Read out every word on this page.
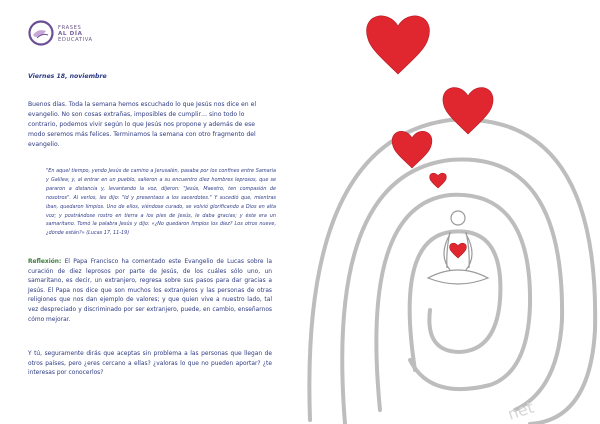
FRASES
AL DÍA
EDUCATIVA
Viernes 18, noviembre
Buenos días. Toda la semana hemos escuchado lo que Jesús nos dice en el evangelio. No son cosas extrañas, imposibles de cumplir… sino todo lo contrario, podemos vivir según lo que Jesús nos propone y además de ese modo seremos más felices. Terminamos la semana con otro fragmento del evangelio.
"En aquel tiempo, yendo Jesús de camino a Jerusalén, pasaba por los confines entre Samaria y Galilea; y, al entrar en un pueblo, salieron a su encuentro diez hombres leprosos, que se pararon a distancia y, levantando la voz, dijeron: "Jesús, Maestro, ten compasión de nosotros". Al verlos, les dijo: "Id y presentaos a los sacerdotes." Y sucedió que, mientras iban, quedaron limpios. Uno de ellos, viéndose curado, se volvió glorificando a Dios en alta voz; y postrándose rostro en tierra a los pies de Jesús, le daba gracias; y éste era un samaritano. Tomó la palabra Jesús y dijo: «¿No quedaron limpios los diez? Los otros nueve, ¿dónde están?» (Lucas 17, 11-19)
Reflexión: El Papa Francisco ha comentado este Evangelio de Lucas sobre la curación de diez leprosos por parte de Jesús, de los cuáles sólo uno, un samaritano, es decir, un extranjero, regresa sobre sus pasos para dar gracias a Jesús. El Papa nos dice que son muchos los extranjeros y las personas de otras religiones que nos dan ejemplo de valores; y que quien vive a nuestro lado, tal vez despreciado y discriminado por ser extranjero, puede, en cambio, enseñarnos cómo mejorar.
Y tú, seguramente dirás que aceptas sin problema a las personas que llegan de otros países, pero ¿eres cercano a ellas? ¿valoras lo que no pueden aportar? ¿te interesas por conocerlos?
net
